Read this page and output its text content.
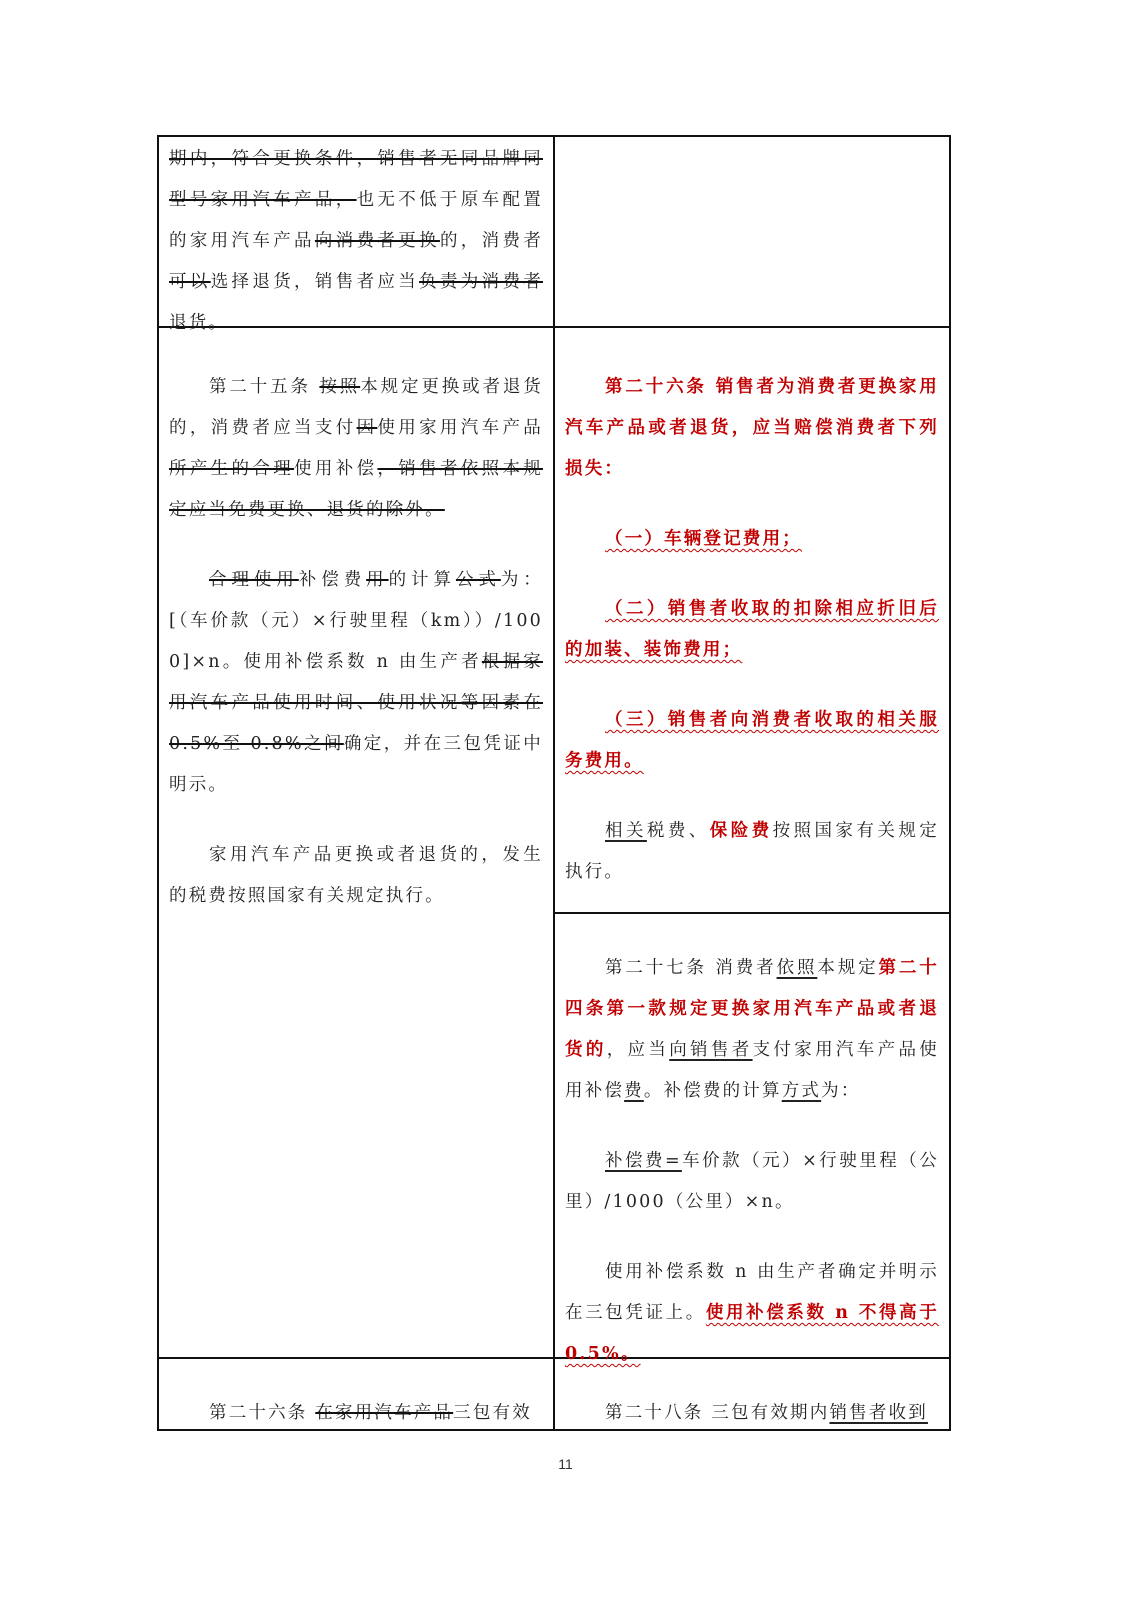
期内，符合更换条件，销售者无同品牌同型号家用汽车产品，也无不低于原车配置的家用汽车产品向消费者更换的，消费者可以选择退货，销售者应当负责为消费者退货。

第二十五条 按照本规定更换或者退货的，消费者应当支付因使用家用汽车产品所产生的合理使用补偿，销售者依照本规定应当免费更换、退货的除外。

合理使用补偿费用的计算公式为：[（车价款（元）×行驶里程（km））/1000]×n。使用补偿系数 n 由生产者根据家用汽车产品使用时间、使用状况等因素在 0.5%至 0.8%之间确定，并在三包凭证中明示。

家用汽车产品更换或者退货的，发生的税费按照国家有关规定执行。

第二十六条 在家用汽车产品三包有效

第二十六条 销售者为消费者更换家用汽车产品或者退货，应当赔偿消费者下列损失：

（一）车辆登记费用；

（二）销售者收取的扣除相应折旧后的加装、装饰费用；

（三）销售者向消费者收取的相关服务费用。

相关税费、保险费按照国家有关规定执行。

第二十七条 消费者依照本规定第二十四条第一款规定更换家用汽车产品或者退货的，应当向销售者支付家用汽车产品使用补偿费。补偿费的计算方式为：

补偿费=车价款（元）×行驶里程（公里）/1000（公里）×n。

使用补偿系数 n 由生产者确定并明示在三包凭证上。使用补偿系数 n 不得高于 0.5%。

第二十八条 三包有效期内销售者收到

11
